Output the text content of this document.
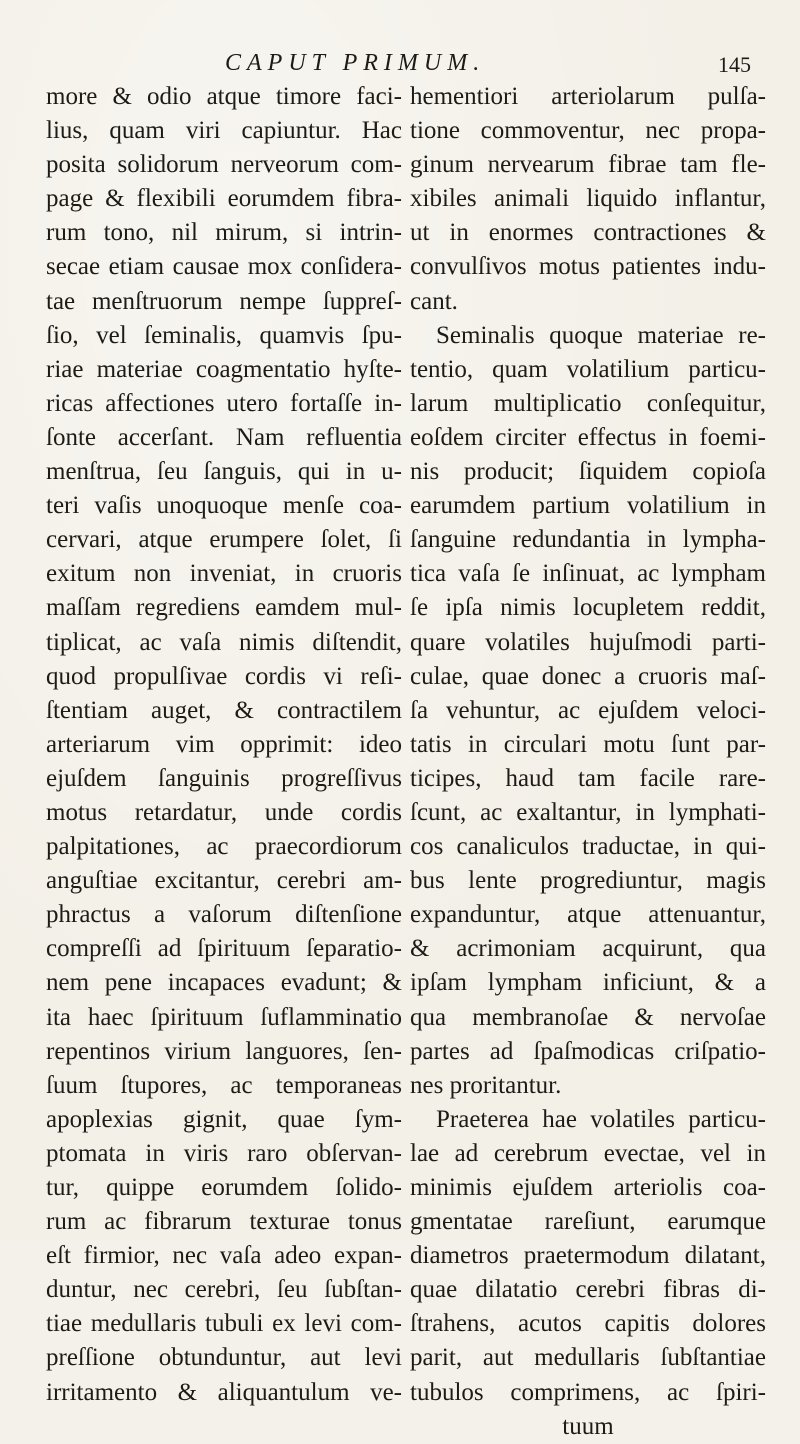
CAPUT PRIMUM.	145
more & odio atque timore faci-
lius, quam viri capiuntur. Hac
posita solidorum nerveorum com-
page & flexibili eorumdem fibra-
rum tono, nil mirum, si intrin-
secae etiam causae mox conſidera-
tae menſtruorum nempe ſuppreſ-
ſio, vel ſeminalis, quamvis ſpu-
riae materiae coagmentatio hyſte-
ricas affectiones utero fortaſſe in-
ſonte accerſant. Nam refluentia
menſtrua, ſeu ſanguis, qui in u-
teri vaſis unoquoque menſe coa-
cervari, atque erumpere ſolet, ſi
exitum non inveniat, in cruoris
maſſam regrediens eamdem mul-
tiplicat, ac vaſa nimis diſtendit,
quod propulſivae cordis vi reſi-
ſtentiam auget, & contractilem
arteriarum vim opprimit: ideo
ejuſdem ſanguinis progreſſivus
motus retardatur, unde cordis
palpitationes, ac praecordiorum
anguſtiae excitantur, cerebri am-
phractus a vaſorum diſtenſione
compreſſi ad ſpirituum ſeparatio-
nem pene incapaces evadunt; &
ita haec ſpirituum ſuflamminatio
repentinos virium languores, ſen-
ſuum ſtupores, ac temporaneas
apoplexias gignit, quae ſym-
ptomata in viris raro obſervan-
tur, quippe eorumdem ſolido-
rum ac fibrarum texturae tonus
eſt firmior, nec vaſa adeo expan-
duntur, nec cerebri, ſeu ſubſtan-
tiae medullaris tubuli ex levi com-
preſſione obtunduntur, aut levi
irritamento & aliquantulum ve-
hementiori arteriolarum pulſa-
tione commoventur, nec propa-
ginum nervearum fibrae tam fle-
xibiles animali liquido inflantur,
ut in enormes contractiones &
convulſivos motus patientes indu-
cant.
Seminalis quoque materiae re-
tentio, quam volatilium particu-
larum multiplicatio conſequitur,
eoſdem circiter effectus in foemi-
nis producit; ſiquidem copioſa
earumdem partium volatilium in
ſanguine redundantia in lympha-
tica vaſa ſe inſinuat, ac lympham
ſe ipſa nimis locupletem reddit,
quare volatiles hujuſmodi parti-
culae, quae donec a cruoris maſ-
ſa vehuntur, ac ejuſdem veloci-
tatis in circulari motu ſunt par-
ticipes, haud tam facile rare-
ſcunt, ac exaltantur, in lymphati-
cos canaliculos traductae, in qui-
bus lente progrediuntur, magis
expanduntur, atque attenuantur,
& acrimoniam acquirunt, qua
ipſam lympham inficiunt, & a
qua membranoſae & nervoſae
partes ad ſpaſmodicas criſpatio-
nes proritantur.
Praeterea hae volatiles particu-
lae ad cerebrum evectae, vel in
minimis ejuſdem arteriolis coa-
gmentatae rareſiunt, earumque
diametros praetermodum dilatant,
quae dilatatio cerebri fibras di-
ſtrahens, acutos capitis dolores
parit, aut medullaris ſubſtantiae
tubulos comprimens, ac ſpiri-
tuum
